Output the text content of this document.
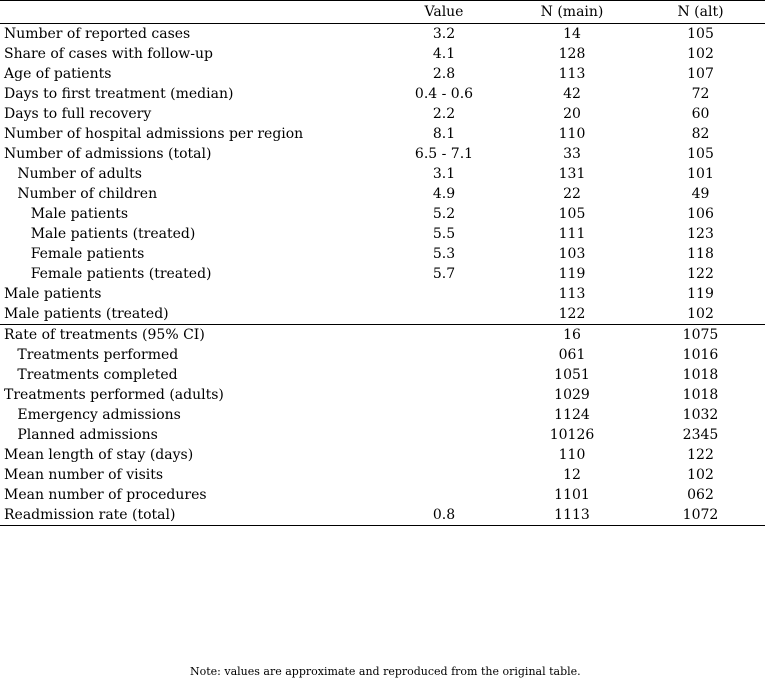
	Value	N (main)	N (alt)
Number of reported cases	3.2	14	105
Share of cases with follow-up	4.1	128	102
Age of patients	2.8	113	107
Days to first treatment (median)	0.4 - 0.6	42	72
Days to full recovery	2.2	20	60
Number of hospital admissions per region	8.1	110	82
Number of admissions (total)	6.5 - 7.1	33	105
Number of adults	3.1	131	101
Number of children	4.9	22	49
Male patients	5.2	105	106
Male patients (treated)	5.5	111	123
Female patients	5.3	103	118
Female patients (treated)	5.7	119	122
Male patients		113	119
Male patients (treated)		122	102
Rate of treatments (95% CI)		16	1075
Treatments performed		061	1016
Treatments completed		1051	1018
Treatments performed (adults)		1029	1018
Emergency admissions		1124	1032
Planned admissions		10126	2345
Mean length of stay (days)		110	122
Mean number of visits		12	102
Mean number of procedures		1101	062
Readmission rate (total)	0.8	1113	1072
Note: values are approximate and reproduced from the original table.
